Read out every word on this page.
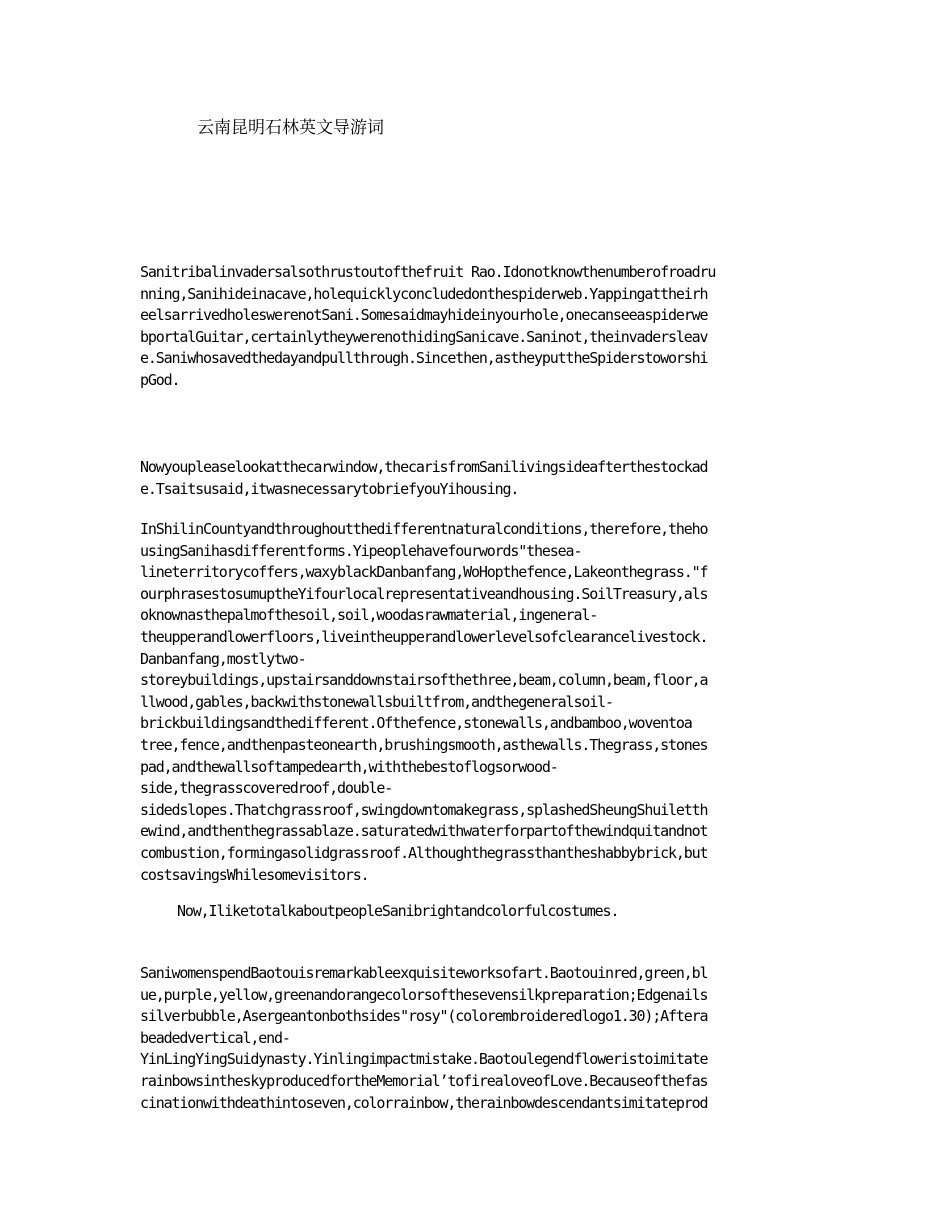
云南昆明石林英文导游词
Sanitribalinvadersalsothrustoutofthefruit Rao.Idonotknowthenumberofroadru
nning,Sanihideinacave,holequicklyconcludedonthespiderweb.Yappingattheirh
eelsarrivedholeswerenotSani.Somesaidmayhideinyourhole,onecanseeaspiderwe
bportalGuitar,certainlytheywerenothidingSanicave.Saninot,theinvadersleav
e.Saniwhosavedthedayandpullthrough.Sincethen,astheyputtheSpiderstoworshi
pGod.
Nowyoupleaselookatthecarwindow,thecarisfromSanilivingsideafterthestockad
e.Tsaitsusaid,itwasnecessarytobriefyouYihousing.
InShilinCountyandthroughoutthedifferentnaturalconditions,therefore,theho
usingSanihasdifferentforms.Yipeoplehavefourwords"thesea-
lineterritorycoffers,waxyblackDanbanfang,WoHopthefence,Lakeonthegrass."f
ourphrasestosumuptheYifourlocalrepresentativeandhousing.SoilTreasury,als
oknownasthepalmofthesoil,soil,woodasrawmaterial,ingeneral-
theupperandlowerfloors,liveintheupperandlowerlevelsofclearancelivestock.
Danbanfang,mostlytwo-
storeybuildings,upstairsanddownstairsofthethree,beam,column,beam,floor,a
llwood,gables,backwithstonewallsbuiltfrom,andthegeneralsoil-
brickbuildingsandthedifferent.Ofthefence,stonewalls,andbamboo,woventoa
tree,fence,andthenpasteonearth,brushingsmooth,asthewalls.Thegrass,stones
pad,andthewallsoftampedearth,withthebestoflogsorwood-
side,thegrasscoveredroof,double-
sidedslopes.Thatchgrassroof,swingdowntomakegrass,splashedSheungShuiletth
ewind,andthenthegrassablaze.saturatedwithwaterforpartofthewindquitandnot
combustion,formingasolidgrassroof.Althoughthegrassthantheshabbybrick,but
costsavingsWhilesomevisitors.
Now,IliketotalkaboutpeopleSanibrightandcolorfulcostumes.
SaniwomenspendBaotouisremarkableexquisiteworksofart.Baotouinred,green,bl
ue,purple,yellow,greenandorangecolorsofthesevensilkpreparation;Edgenails
silverbubble,Asergeantonbothsides"rosy"(colorembroideredlogo1.30);Aftera
beadedvertical,end-
YinLingYingSuidynasty.Yinlingimpactmistake.Baotoulegendfloweristoimitate
rainbowsintheskyproducedfortheMemorial’tofirealoveofLove.Becauseofthefas
cinationwithdeathintoseven,colorrainbow,therainbowdescendantsimitateprod
